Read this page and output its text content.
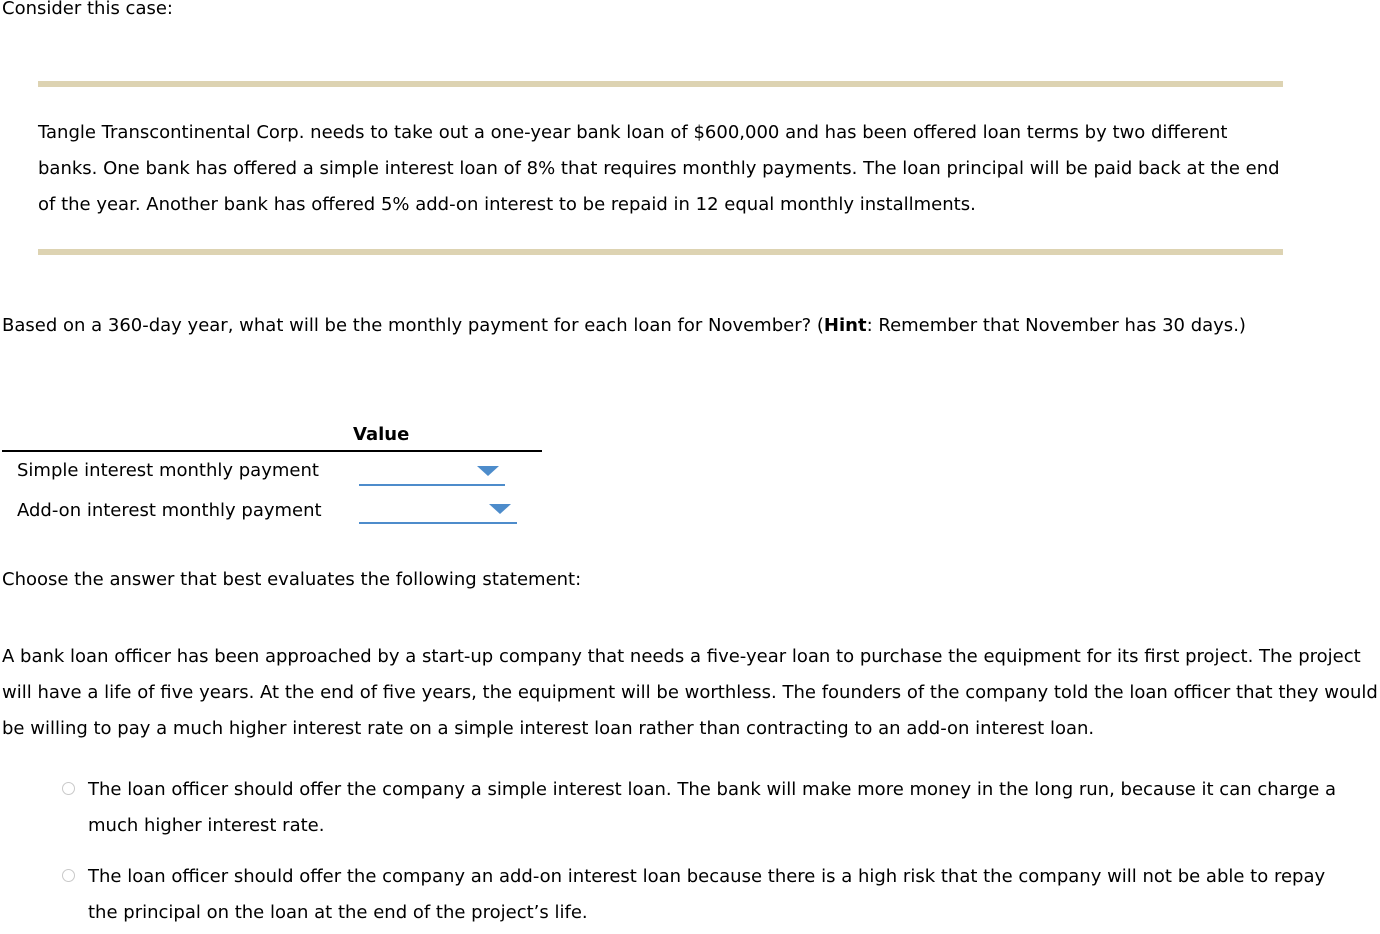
Consider this case:
Tangle Transcontinental Corp. needs to take out a one-year bank loan of $600,000 and has been offered loan terms by two different banks. One bank has offered a simple interest loan of 8% that requires monthly payments. The loan principal will be paid back at the end of the year. Another bank has offered 5% add-on interest to be repaid in 12 equal monthly installments.
Based on a 360-day year, what will be the monthly payment for each loan for November? (Hint: Remember that November has 30 days.)
Value
Simple interest monthly payment
Add-on interest monthly payment
Choose the answer that best evaluates the following statement:
A bank loan officer has been approached by a start-up company that needs a five-year loan to purchase the equipment for its first project. The project will have a life of five years. At the end of five years, the equipment will be worthless. The founders of the company told the loan officer that they would be willing to pay a much higher interest rate on a simple interest loan rather than contracting to an add-on interest loan.
The loan officer should offer the company a simple interest loan. The bank will make more money in the long run, because it can charge a much higher interest rate.
The loan officer should offer the company an add-on interest loan because there is a high risk that the company will not be able to repay the principal on the loan at the end of the project’s life.
